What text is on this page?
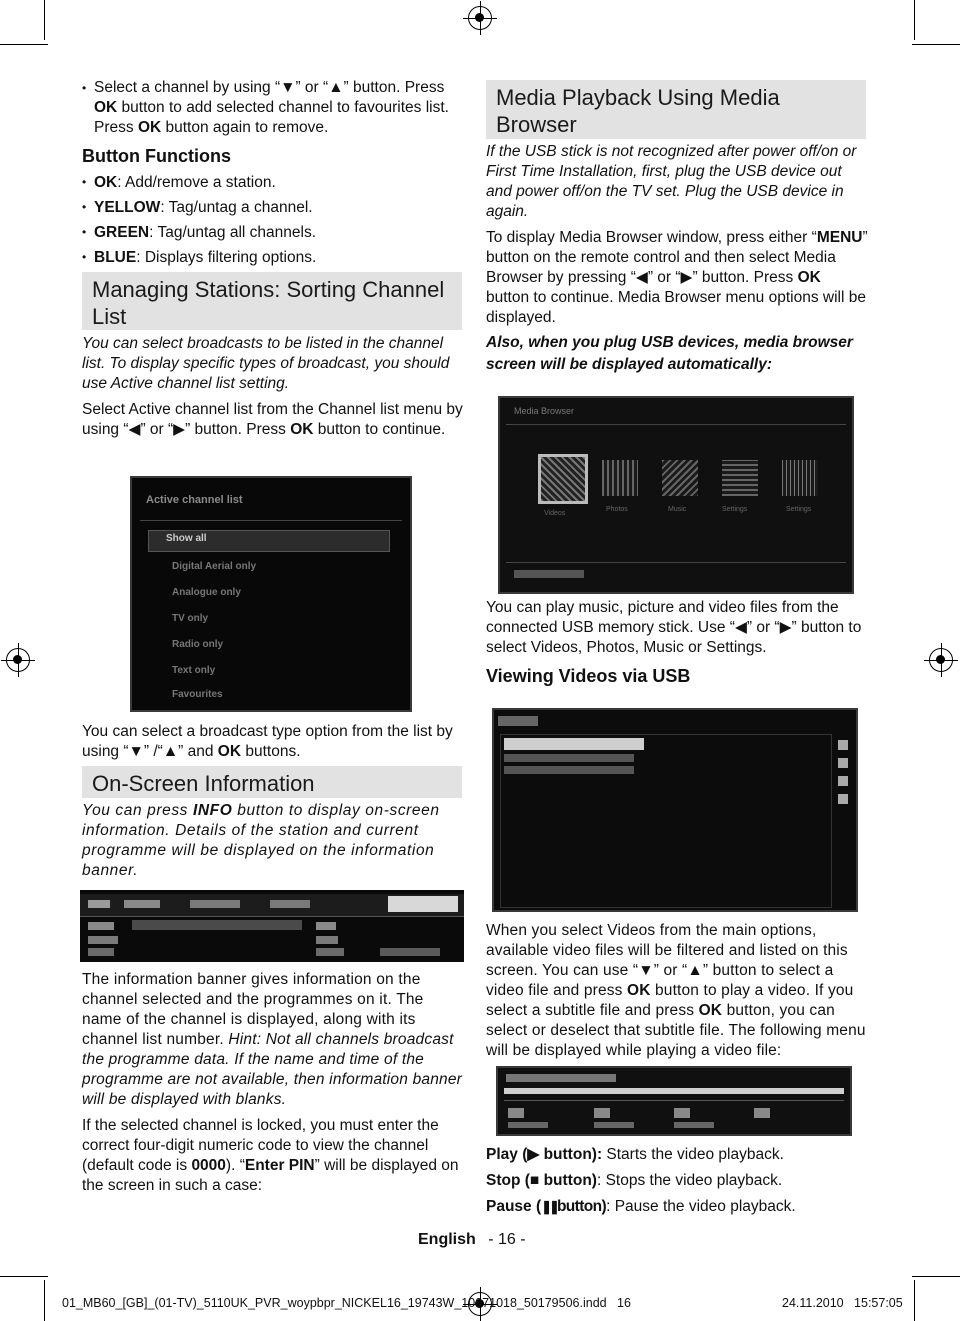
• Select a channel by using “▼” or “▲” button. Press OK button to add selected channel to favourites list. Press OK button again to remove.

Button Functions

• OK: Add/remove a station.

• YELLOW: Tag/untag a channel.

• GREEN: Tag/untag all channels.

• BLUE: Displays filtering options.

Managing Stations: Sorting Channel List

You can select broadcasts to be listed in the channel list. To display specific types of broadcast, you should use Active channel list setting.

Select Active channel list from the Channel list menu by using “◀” or “▶” button. Press OK button to continue.

Active channel list
Show all
Digital Aerial only
Analogue only
TV only
Radio only
Text only
Favourites

You can select a broadcast type option from the list by using “▼” /“▲” and OK buttons.

On-Screen Information

You can press INFO button to display on-screen information. Details of the station and current programme will be displayed on the information banner.

The information banner gives information on the channel selected and the programmes on it. The name of the channel is displayed, along with its channel list number. Hint: Not all channels broadcast the programme data. If the name and time of the programme are not available, then information banner will be displayed with blanks.

If the selected channel is locked, you must enter the correct four-digit numeric code to view the channel (default code is 0000). “Enter PIN” will be displayed on the screen in such a case:

Media Playback Using Media Browser

If the USB stick is not recognized after power off/on or First Time Installation, first, plug the USB device out and power off/on the TV set. Plug the USB device in again.

To display Media Browser window, press either “MENU” button on the remote control and then select Media Browser by pressing “◀” or “▶” button. Press OK button to continue. Media Browser menu options will be displayed.

Also, when you plug USB devices, media browser screen will be displayed automatically:

Media Browser
Videos
Photos	Music	Settings	Settings

You can play music, picture and video files from the connected USB memory stick. Use “◀” or “▶” button to select Videos, Photos, Music or Settings.

Viewing Videos via USB

When you select Videos from the main options, available video files will be filtered and listed on this screen. You can use “▼” or “▲” button to select a video file and press OK button to play a video. If you select a subtitle file and press OK button, you can select or deselect that subtitle file. The following menu will be displayed while playing a video file:

Play (▶ button): Starts the video playback.

Stop (■ button): Stops the video playback.

Pause (❚❚button): Pause the video playback.

English - 16 -
01_MB60_[GB]_(01-TV)_5110UK_PVR_woypbpr_NICKEL16_19743W_10071018_50179506.indd   16	24.11.2010   15:57:05
